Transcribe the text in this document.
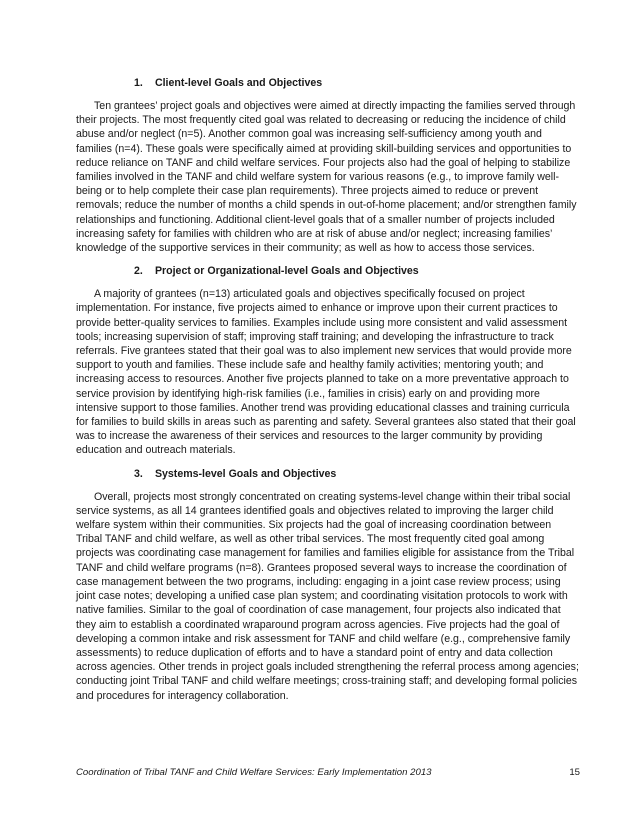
1. Client-level Goals and Objectives

Ten grantees’ project goals and objectives were aimed at directly impacting the families served through their projects. The most frequently cited goal was related to decreasing or reducing the incidence of child abuse and/or neglect (n=5). Another common goal was increasing self-sufficiency among youth and families (n=4). These goals were specifically aimed at providing skill-building services and opportunities to reduce reliance on TANF and child welfare services. Four projects also had the goal of helping to stabilize families involved in the TANF and child welfare system for various reasons (e.g., to improve family well-being or to help complete their case plan requirements). Three projects aimed to reduce or prevent removals; reduce the number of months a child spends in out-of-home placement; and/or strengthen family relationships and functioning. Additional client-level goals that of a smaller number of projects included increasing safety for families with children who are at risk of abuse and/or neglect; increasing families’ knowledge of the supportive services in their community; as well as how to access those services.

2. Project or Organizational-level Goals and Objectives

A majority of grantees (n=13) articulated goals and objectives specifically focused on project implementation. For instance, five projects aimed to enhance or improve upon their current practices to provide better-quality services to families. Examples include using more consistent and valid assessment tools; increasing supervision of staff; improving staff training; and developing the infrastructure to track referrals. Five grantees stated that their goal was to also implement new services that would provide more support to youth and families. These include safe and healthy family activities; mentoring youth; and increasing access to resources. Another five projects planned to take on a more preventative approach to service provision by identifying high-risk families (i.e., families in crisis) early on and providing more intensive support to those families. Another trend was providing educational classes and training curricula for families to build skills in areas such as parenting and safety. Several grantees also stated that their goal was to increase the awareness of their services and resources to the larger community by providing education and outreach materials.

3. Systems-level Goals and Objectives

Overall, projects most strongly concentrated on creating systems-level change within their tribal social service systems, as all 14 grantees identified goals and objectives related to improving the larger child welfare system within their communities. Six projects had the goal of increasing coordination between Tribal TANF and child welfare, as well as other tribal services. The most frequently cited goal among projects was coordinating case management for families and families eligible for assistance from the Tribal TANF and child welfare programs (n=8). Grantees proposed several ways to increase the coordination of case management between the two programs, including: engaging in a joint case review process; using joint case notes; developing a unified case plan system; and coordinating visitation protocols to work with native families. Similar to the goal of coordination of case management, four projects also indicated that they aim to establish a coordinated wraparound program across agencies. Five projects had the goal of developing a common intake and risk assessment for TANF and child welfare (e.g., comprehensive family assessments) to reduce duplication of efforts and to have a standard point of entry and data collection across agencies. Other trends in project goals included strengthening the referral process among agencies; conducting joint Tribal TANF and child welfare meetings; cross-training staff; and developing formal policies and procedures for interagency collaboration.

Coordination of Tribal TANF and Child Welfare Services: Early Implementation 2013	15
